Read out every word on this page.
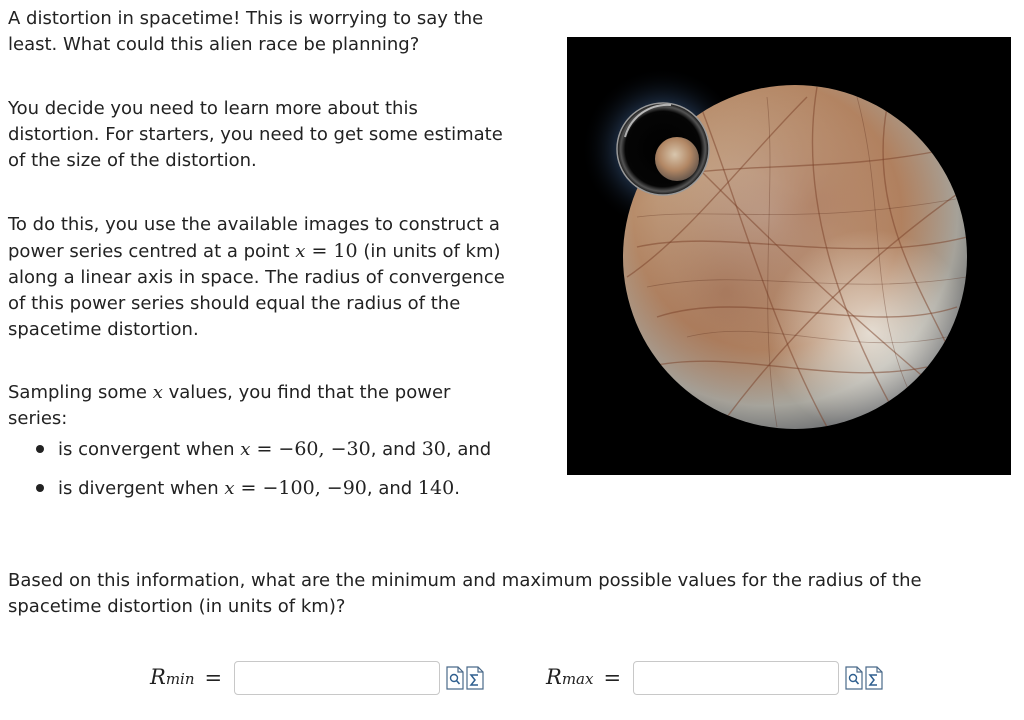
A distortion in spacetime! This is worrying to say the least. What could this alien race be planning?

You decide you need to learn more about this distortion. For starters, you need to get some estimate of the size of the distortion.

To do this, you use the available images to construct a power series centred at a point x = 10 (in units of km) along a linear axis in space. The radius of convergence of this power series should equal the radius of the spacetime distortion.

Sampling some x values, you find that the power series:

is convergent when x = −60, −30, and 30, and
is divergent when x = −100, −90, and 140.

Based on this information, what are the minimum and maximum possible values for the radius of the spacetime distortion (in units of km)?

R min =	R max =
